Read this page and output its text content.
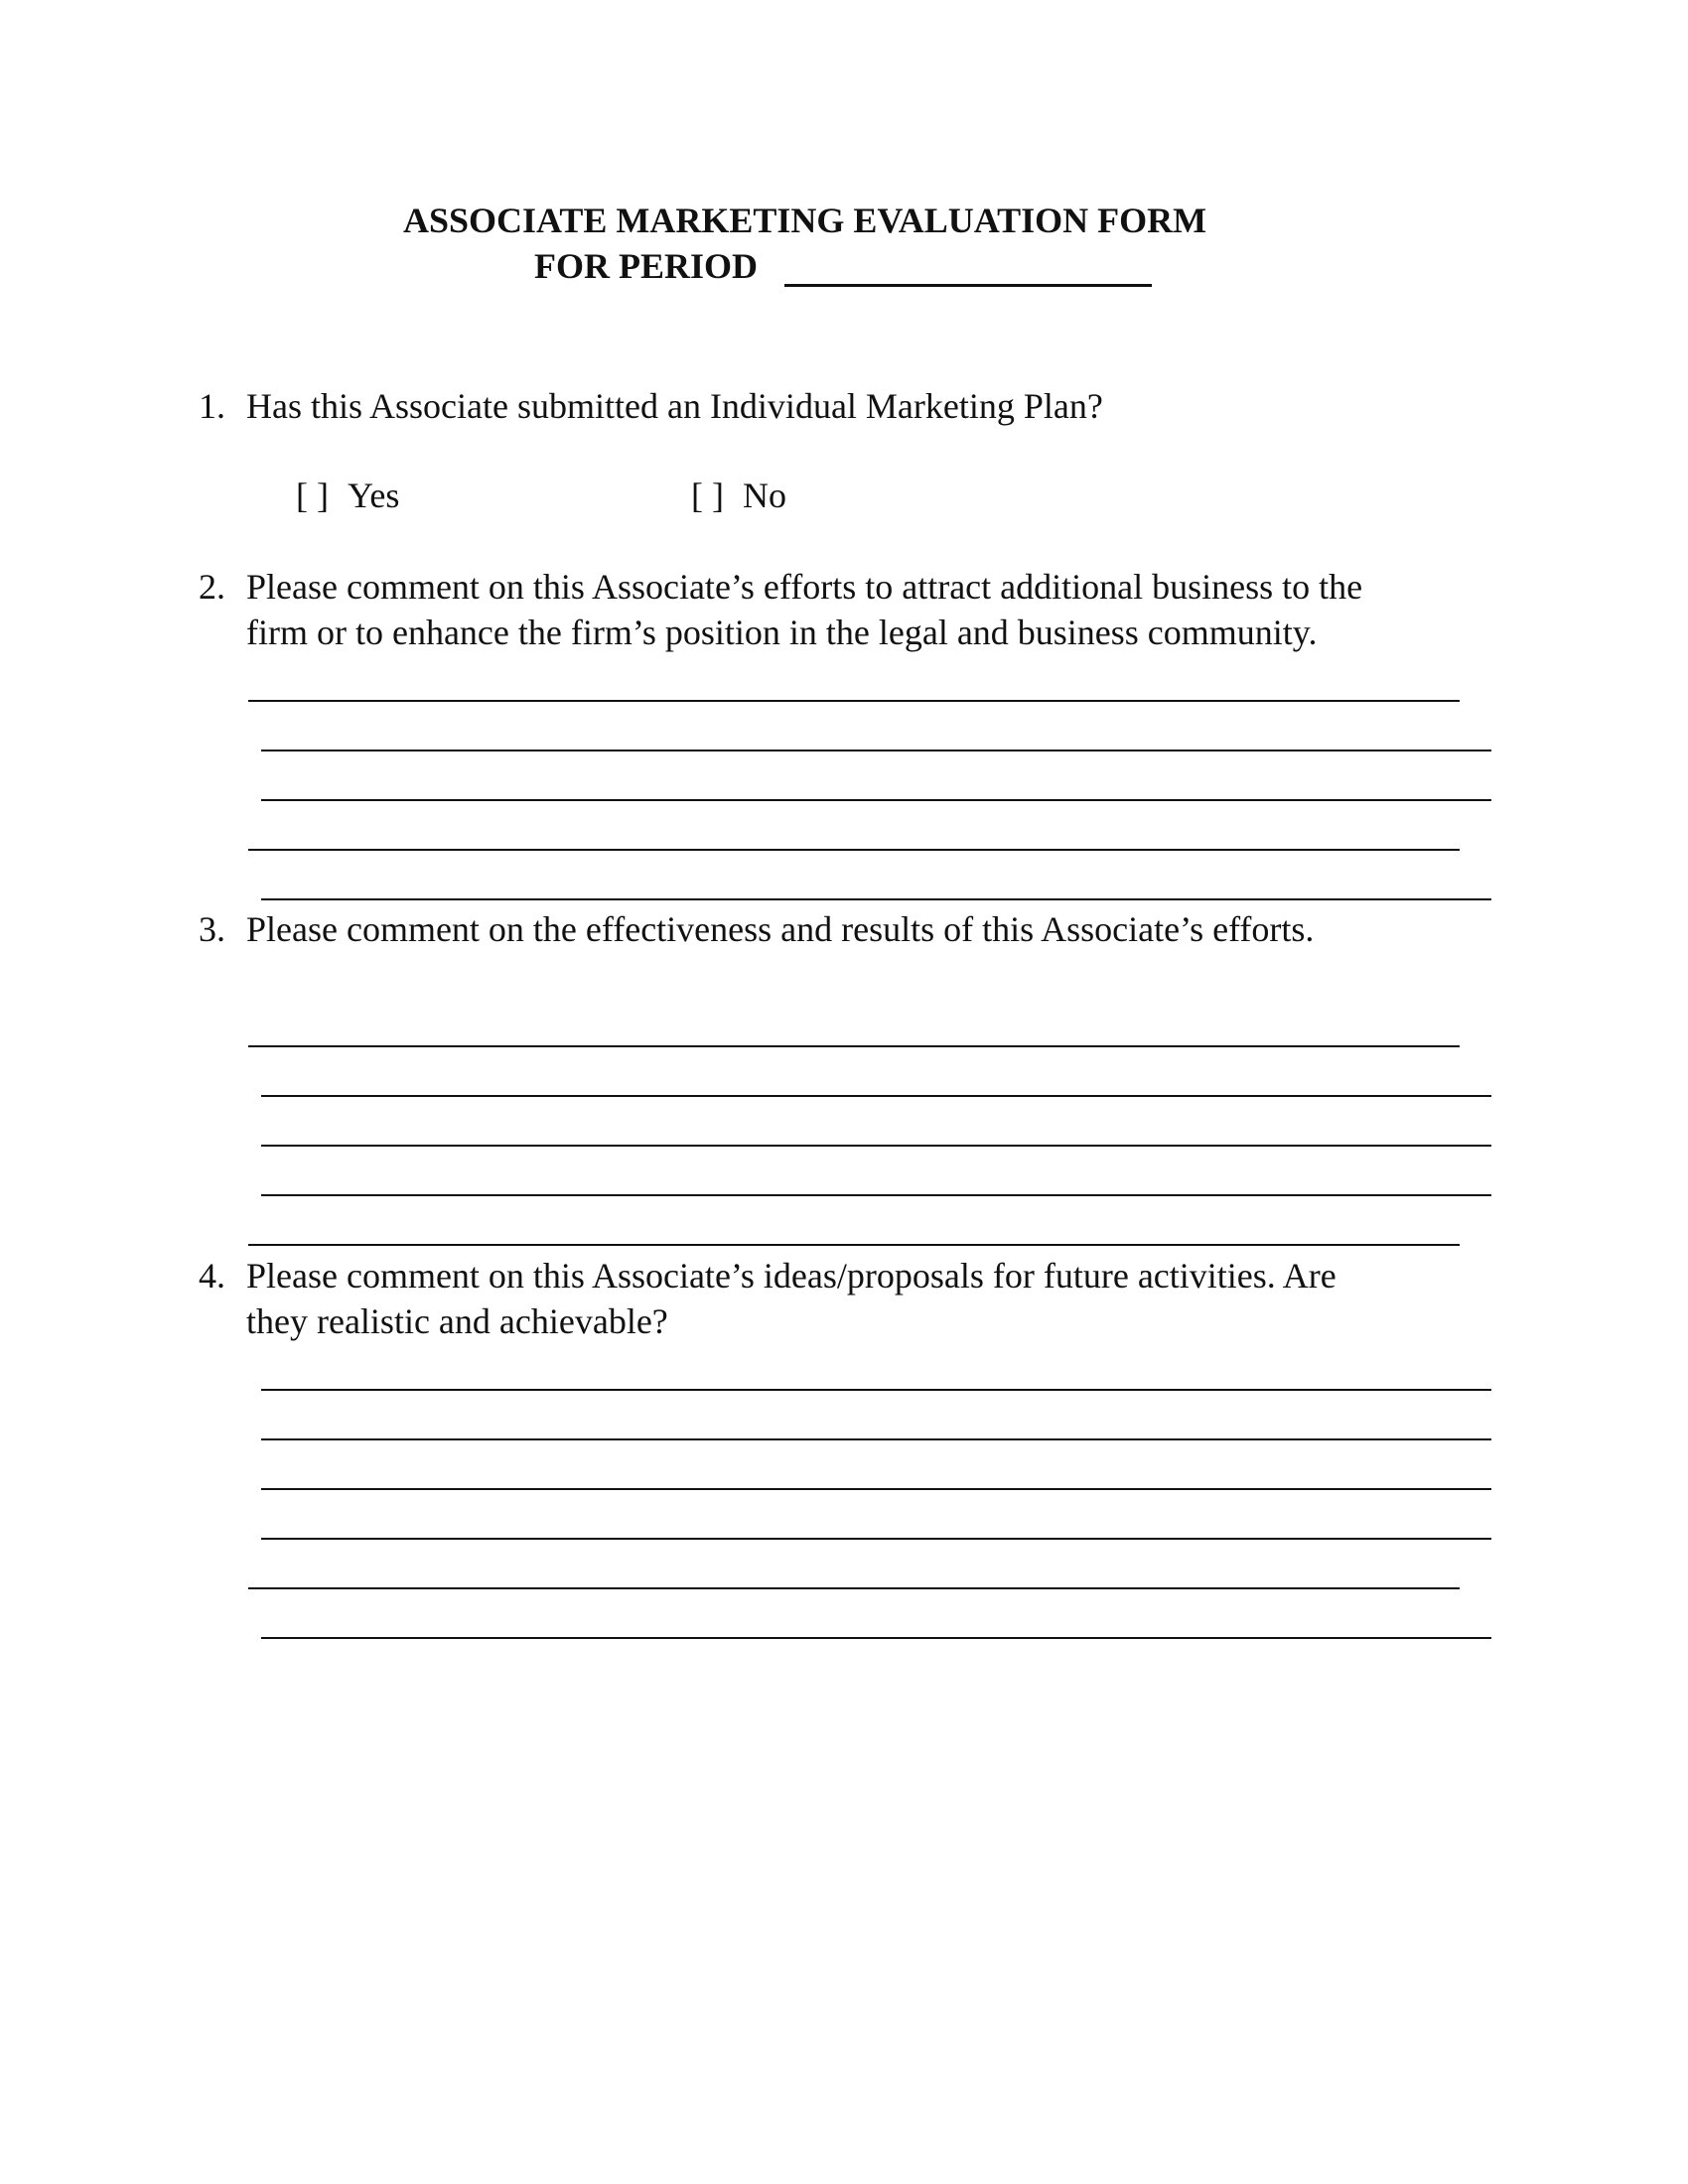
ASSOCIATE MARKETING EVALUATION FORM
FOR PERIOD
1. Has this Associate submitted an Individual Marketing Plan?
[ ] Yes	[ ] No
2. Please comment on this Associate’s efforts to attract additional business to the
firm or to enhance the firm’s position in the legal and business community.
3. Please comment on the effectiveness and results of this Associate’s efforts.
4. Please comment on this Associate’s ideas/proposals for future activities. Are
they realistic and achievable?
